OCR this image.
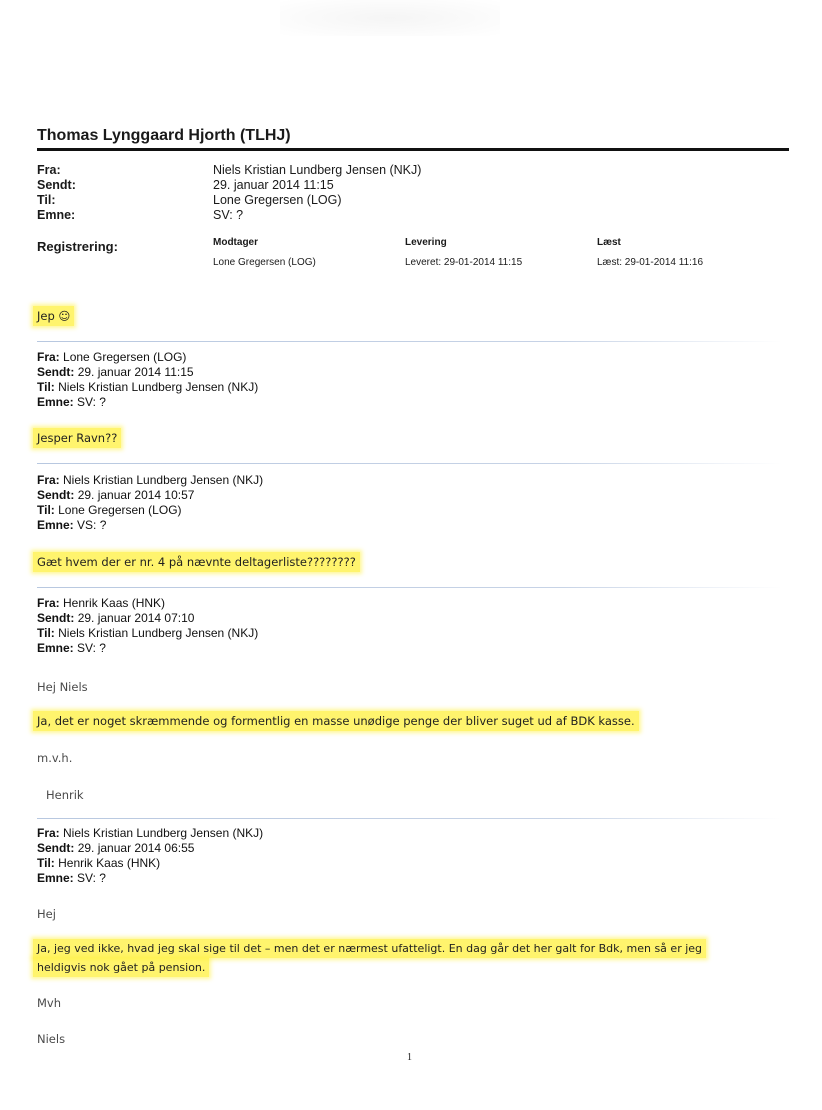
Thomas Lynggaard Hjorth (TLHJ)
Fra:	Niels Kristian Lundberg Jensen (NKJ)
Sendt:	29. januar 2014 11:15
Til:	Lone Gregersen (LOG)
Emne:	SV: ?
Registrering:	Modtager	Levering	Læst
Lone Gregersen (LOG)	Leveret: 29-01-2014 11:15	Læst: 29-01-2014 11:16
Jep ☺
Fra: Lone Gregersen (LOG)
Sendt: 29. januar 2014 11:15
Til: Niels Kristian Lundberg Jensen (NKJ)
Emne: SV: ?
Jesper Ravn??
Fra: Niels Kristian Lundberg Jensen (NKJ)
Sendt: 29. januar 2014 10:57
Til: Lone Gregersen (LOG)
Emne: VS: ?
Gæt hvem der er nr. 4 på nævnte deltagerliste????????
Fra: Henrik Kaas (HNK)
Sendt: 29. januar 2014 07:10
Til: Niels Kristian Lundberg Jensen (NKJ)
Emne: SV: ?
Hej Niels
Ja, det er noget skræmmende og formentlig en masse unødige penge der bliver suget ud af BDK kasse.
m.v.h.
Henrik
Fra: Niels Kristian Lundberg Jensen (NKJ)
Sendt: 29. januar 2014 06:55
Til: Henrik Kaas (HNK)
Emne: SV: ?
Hej
Ja, jeg ved ikke, hvad jeg skal sige til det – men det er nærmest ufatteligt. En dag går det her galt for Bdk, men så er jeg
heldigvis nok gået på pension.
Mvh
Niels
1
